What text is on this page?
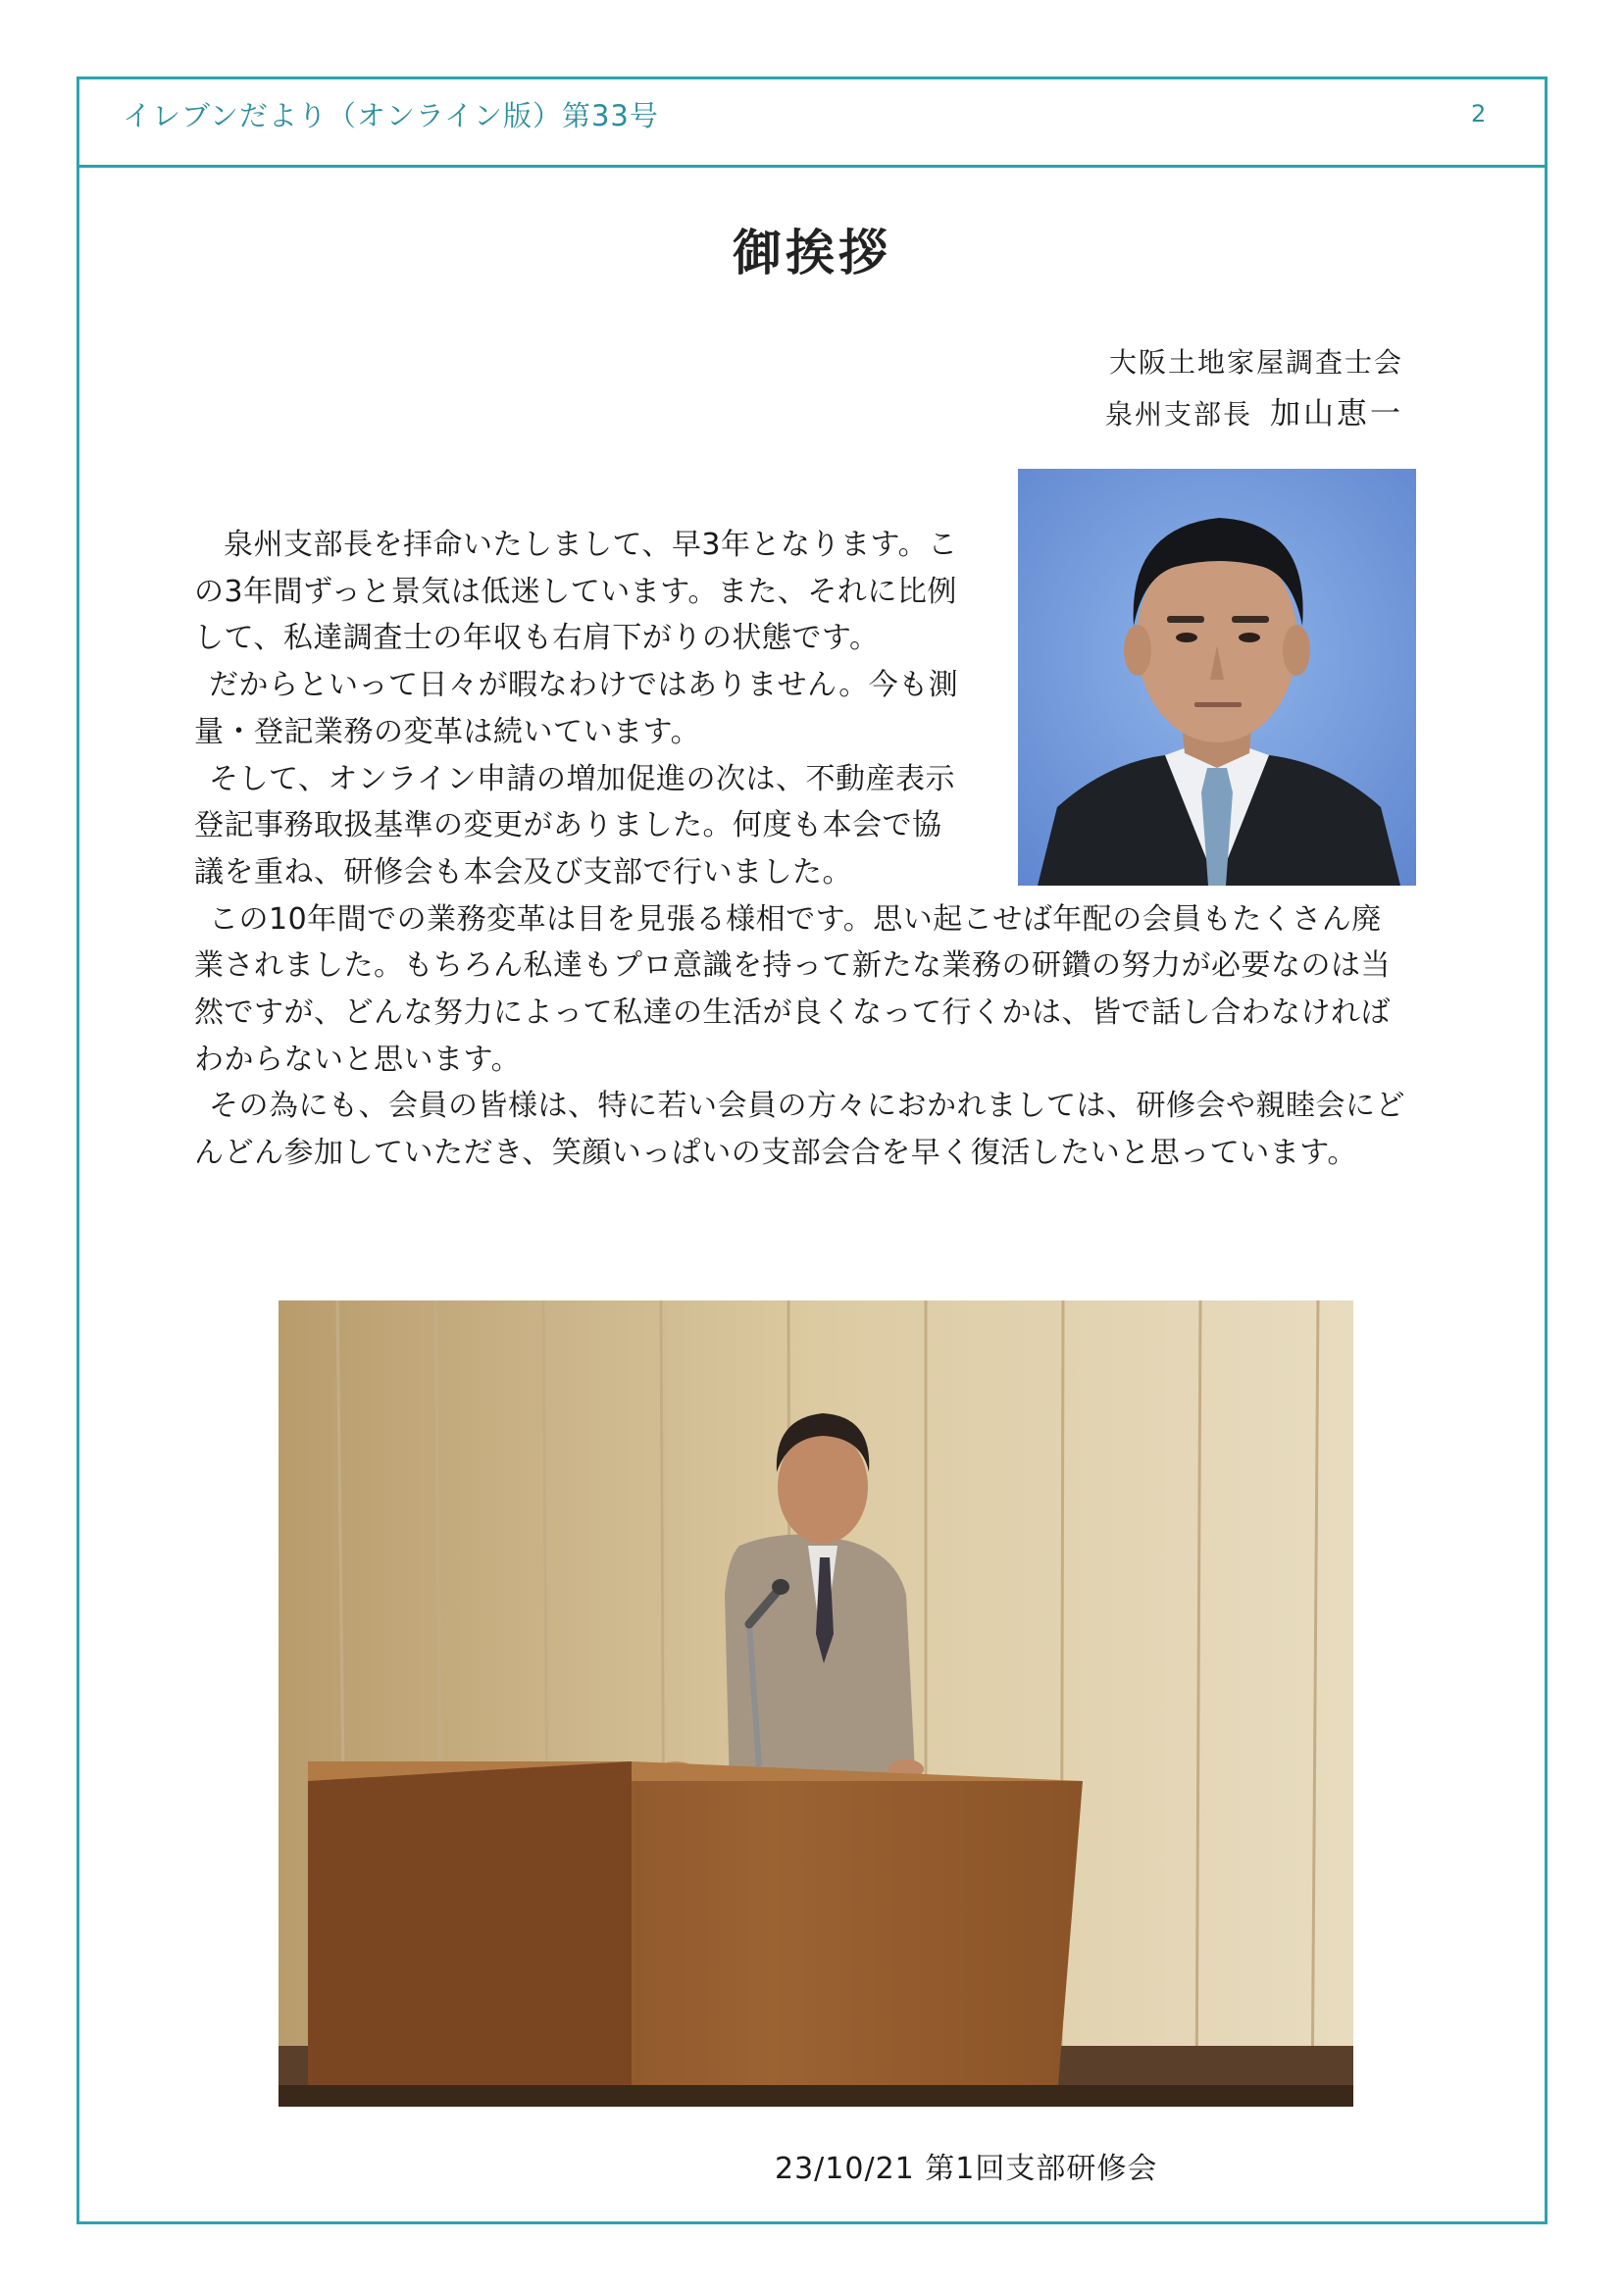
イレブンだより（オンライン版）第33号	2
御挨拶
大阪土地家屋調査士会
泉州支部長 加山恵一

泉州支部長を拝命いたしまして、早3年となります。この3年間ずっと景気は低迷しています。また、それに比例して、私達調査士の年収も右肩下がりの状態です。

だからといって日々が暇なわけではありません。今も測量・登記業務の変革は続いています。

そして、オンライン申請の増加促進の次は、不動産表示登記事務取扱基準の変更がありました。何度も本会で協議を重ね、研修会も本会及び支部で行いました。

この10年間での業務変革は目を見張る様相です。思い起こせば年配の会員もたくさん廃業されました。もちろん私達もプロ意識を持って新たな業務の研鑽の努力が必要なのは当然ですが、どんな努力によって私達の生活が良くなって行くかは、皆で話し合わなければわからないと思います。

その為にも、会員の皆様は、特に若い会員の方々におかれましては、研修会や親睦会にどんどん参加していただき、笑顔いっぱいの支部会合を早く復活したいと思っています。

23/10/21 第1回支部研修会
